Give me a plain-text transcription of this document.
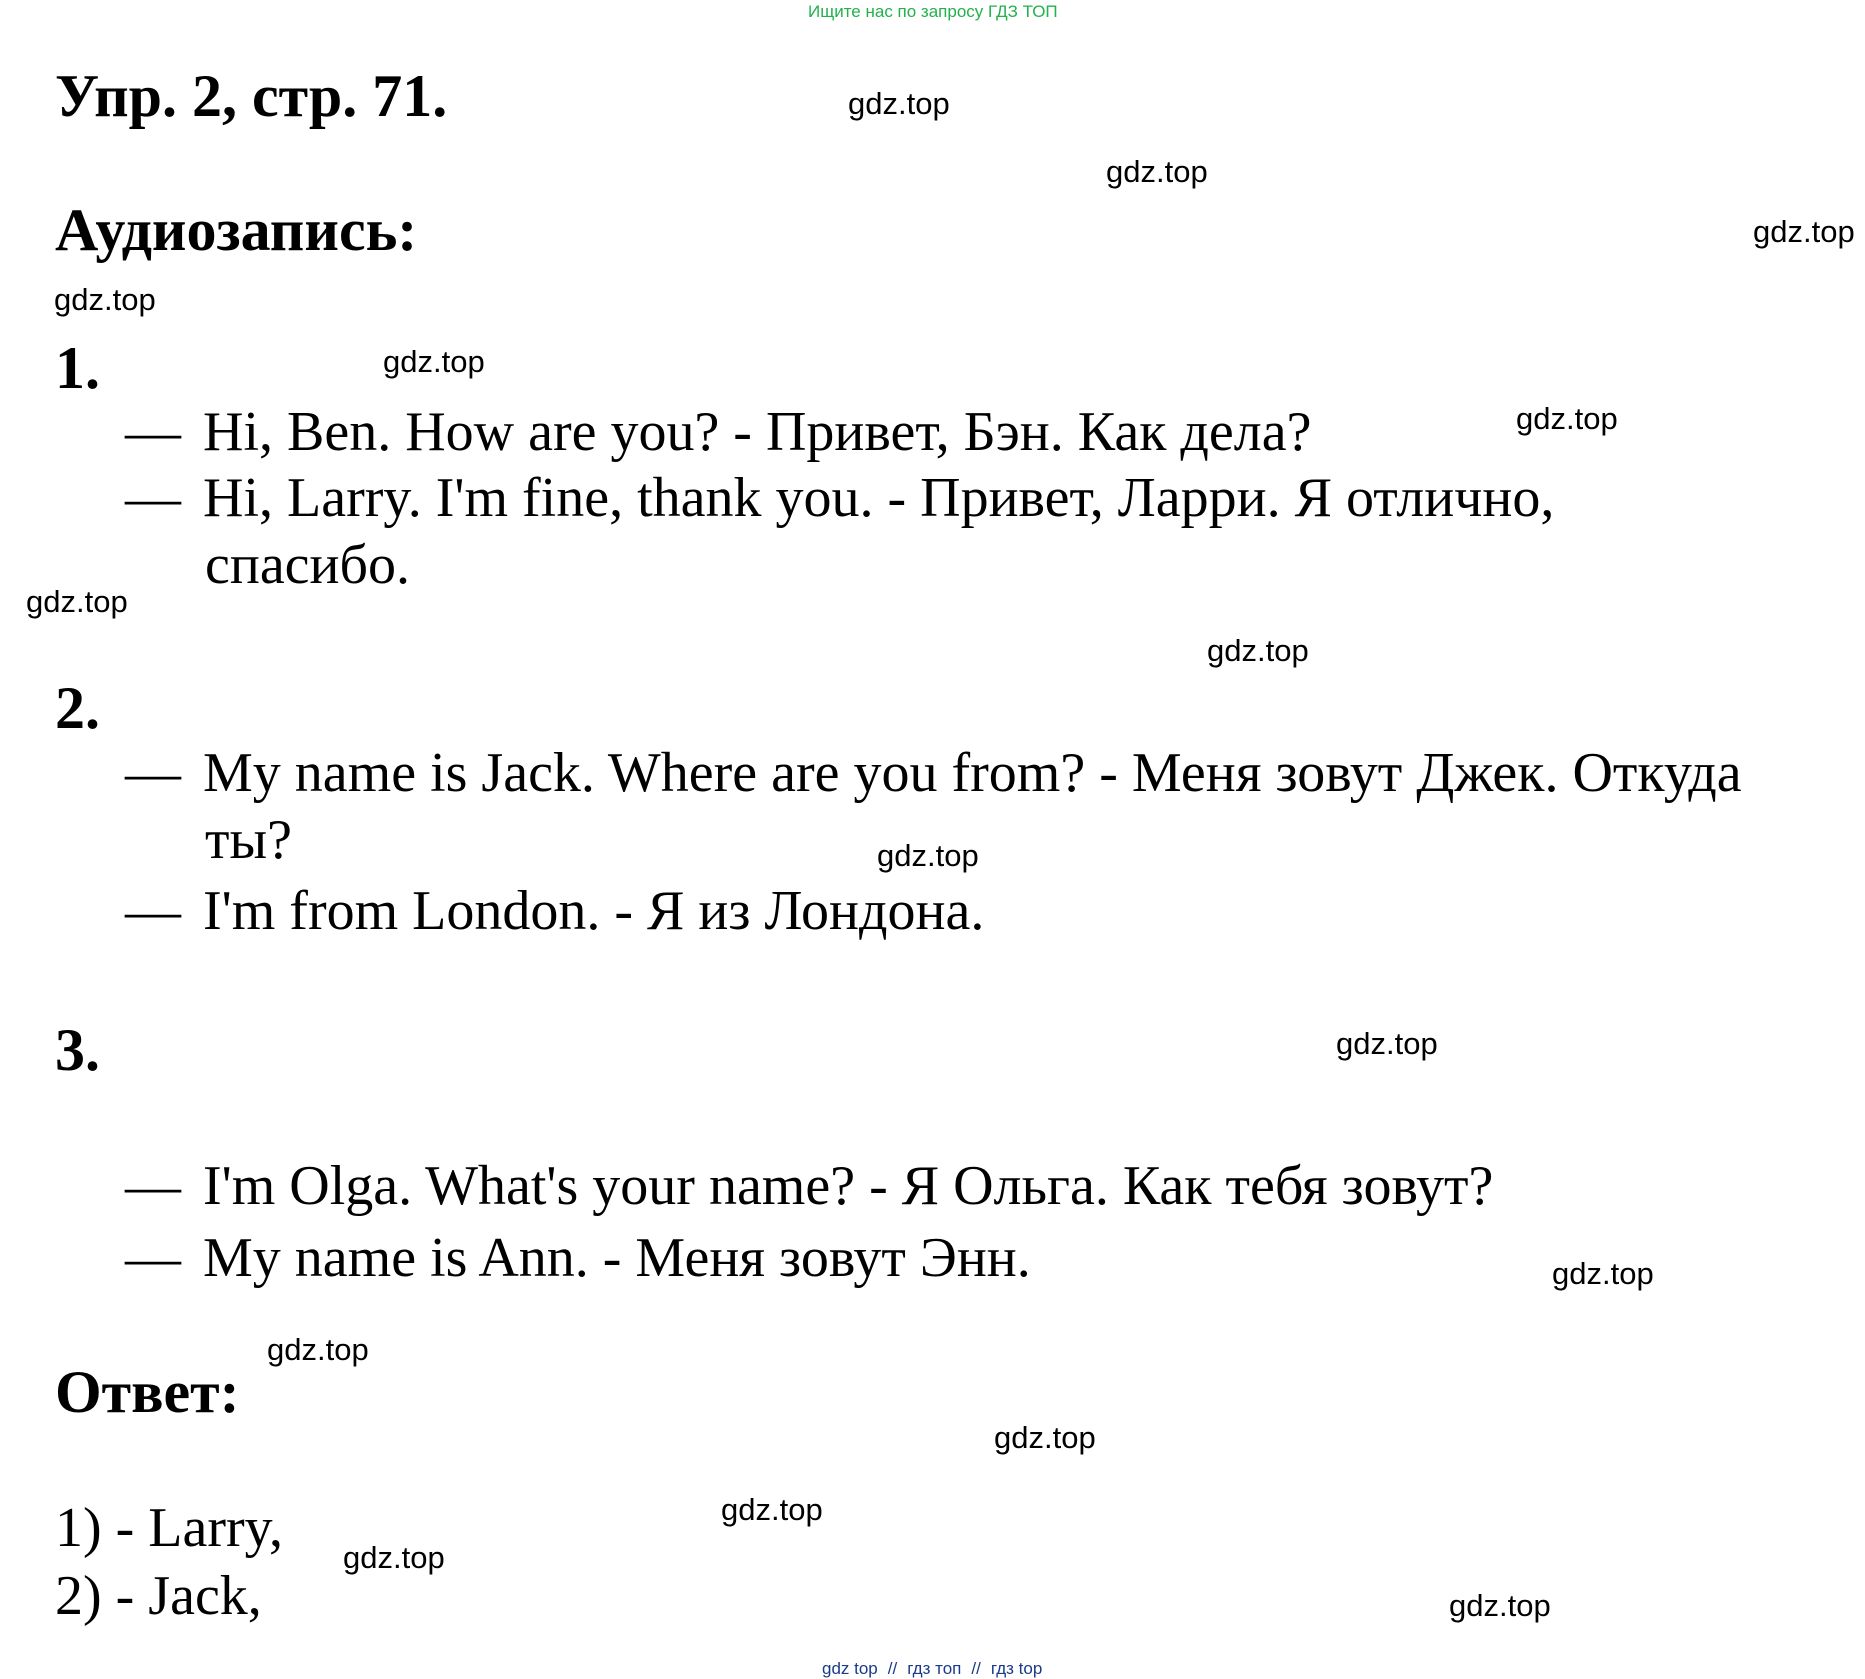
Ищите нас по запросу ГДЗ ТОП
Упр. 2, стр. 71.
Аудиозапись:
1.
— Hi, Ben. How are you? - Привет, Бэн. Как дела?
— Hi, Larry. I'm fine, thank you. - Привет, Ларри. Я отлично,
спасибо.
2.
— My name is Jack. Where are you from? - Меня зовут Джек. Откуда
ты?
— I'm from London. - Я из Лондона.
3.
— I'm Olga. What's your name? - Я Ольга. Как тебя зовут?
— My name is Ann. - Меня зовут Энн.
Ответ:
1) - Larry,
2) - Jack,
gdz.top
gdz.top
gdz.top
gdz.top
gdz.top
gdz.top
gdz.top
gdz.top
gdz.top
gdz.top
gdz.top
gdz.top
gdz.top
gdz.top
gdz.top
gdz.top
gdz top // гдз топ // гдз top
